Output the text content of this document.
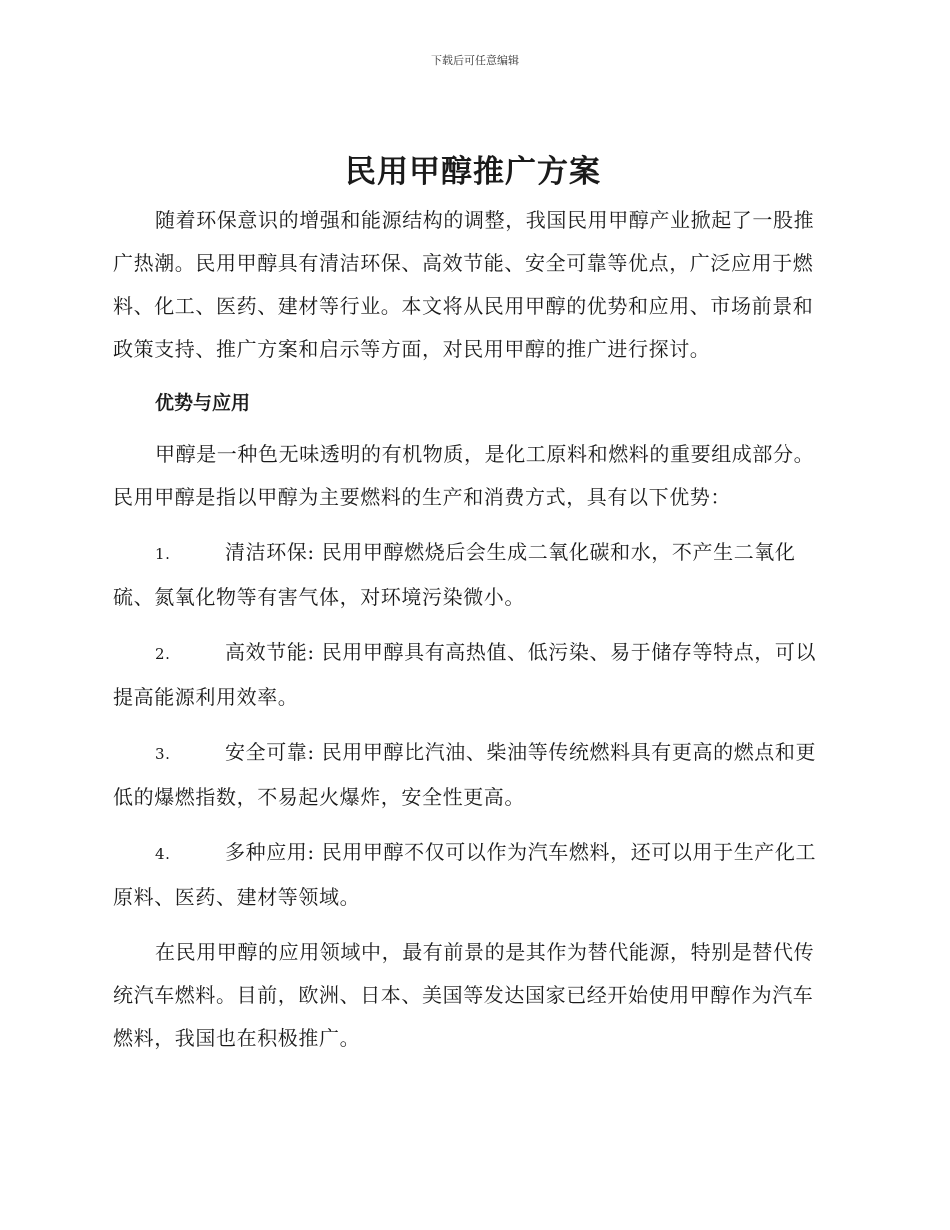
下载后可任意编辑
民用甲醇推广方案

随着环保意识的增强和能源结构的调整，我国民用甲醇产业掀起了一股推广热潮。民用甲醇具有清洁环保、高效节能、安全可靠等优点，广泛应用于燃料、化工、医药、建材等行业。本文将从民用甲醇的优势和应用、市场前景和政策支持、推广方案和启示等方面，对民用甲醇的推广进行探讨。

优势与应用

甲醇是一种色无味透明的有机物质，是化工原料和燃料的重要组成部分。民用甲醇是指以甲醇为主要燃料的生产和消费方式，具有以下优势：

1.	清洁环保: 民用甲醇燃烧后会生成二氧化碳和水，不产生二氧化硫、氮氧化物等有害气体，对环境污染微小。

2.	高效节能: 民用甲醇具有高热值、低污染、易于储存等特点，可以提高能源利用效率。

3.	安全可靠: 民用甲醇比汽油、柴油等传统燃料具有更高的燃点和更低的爆燃指数，不易起火爆炸，安全性更高。

4.	多种应用: 民用甲醇不仅可以作为汽车燃料，还可以用于生产化工原料、医药、建材等领域。

在民用甲醇的应用领域中，最有前景的是其作为替代能源，特别是替代传统汽车燃料。目前，欧洲、日本、美国等发达国家已经开始使用甲醇作为汽车燃料，我国也在积极推广。
